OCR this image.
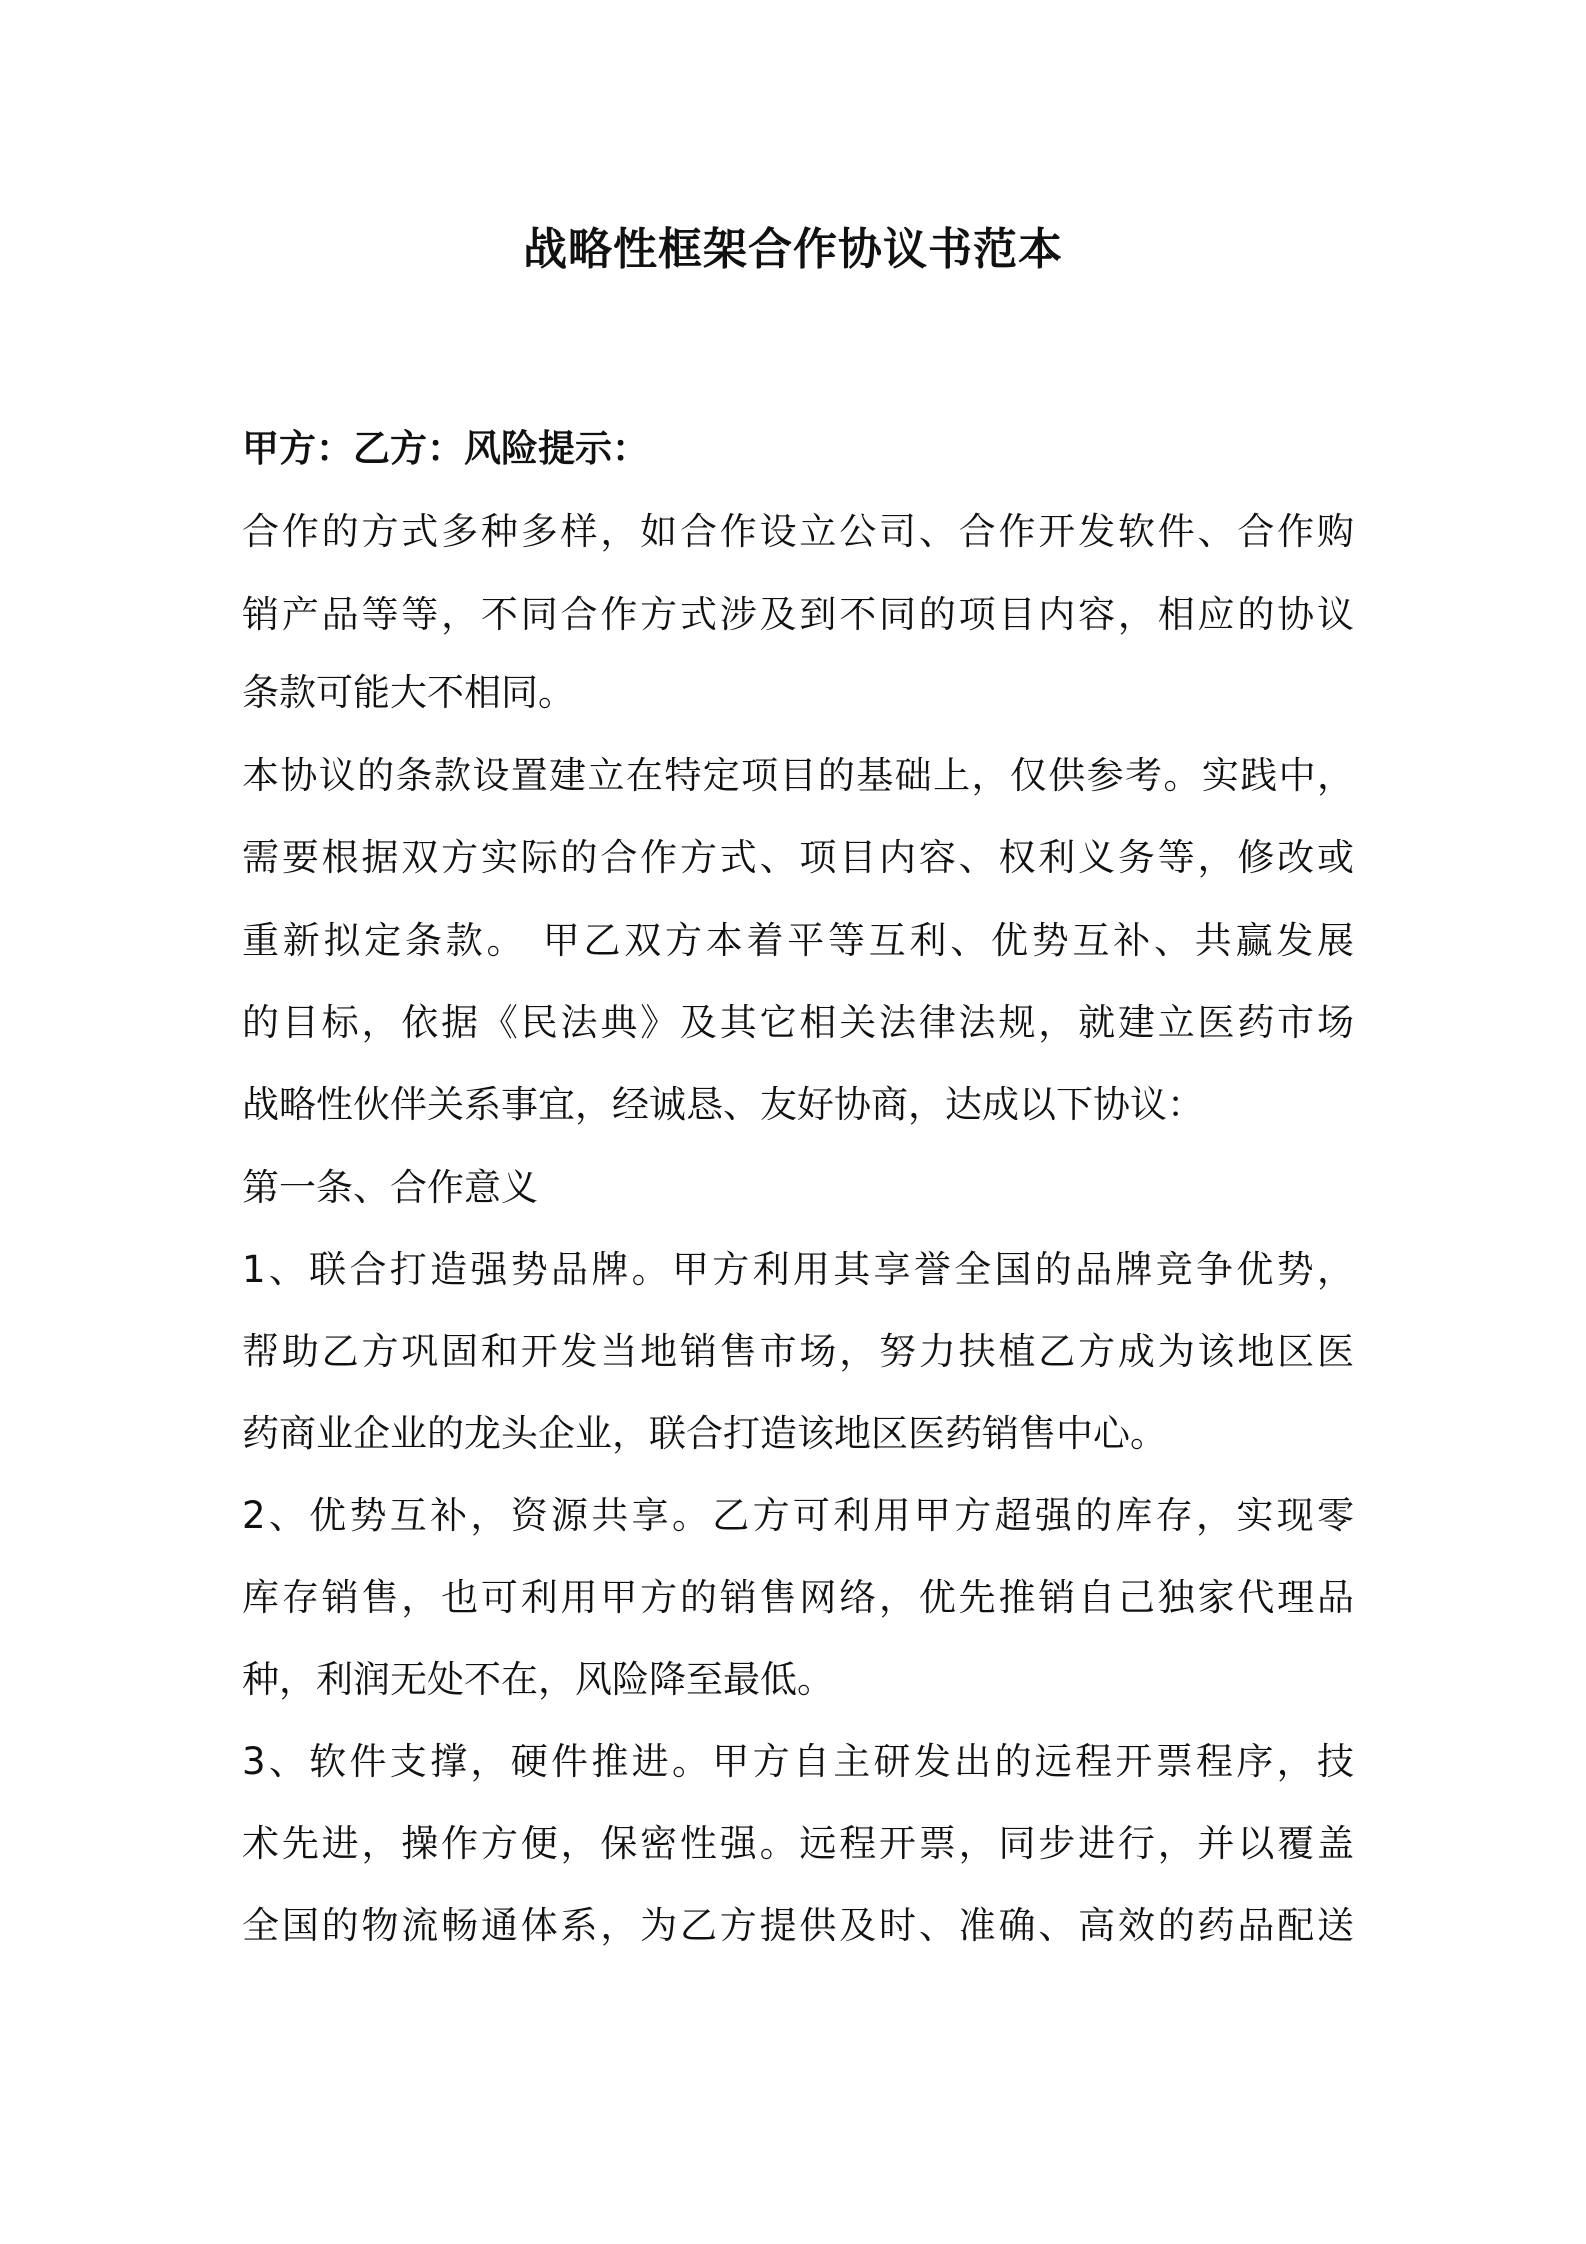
战略性框架合作协议书范本
甲方：乙方：风险提示：
合作的方式多种多样，如合作设立公司、合作开发软件、合作购
销产品等等，不同合作方式涉及到不同的项目内容，相应的协议
条款可能大不相同。
本协议的条款设置建立在特定项目的基础上，仅供参考。实践中，
需要根据双方实际的合作方式、项目内容、权利义务等，修改或
重新拟定条款。 甲乙双方本着平等互利、优势互补、共赢发展
的目标，依据《民法典》及其它相关法律法规，就建立医药市场
战略性伙伴关系事宜，经诚恳、友好协商，达成以下协议：
第一条、合作意义
1、联合打造强势品牌。甲方利用其享誉全国的品牌竞争优势，
帮助乙方巩固和开发当地销售市场，努力扶植乙方成为该地区医
药商业企业的龙头企业，联合打造该地区医药销售中心。
2、优势互补，资源共享。乙方可利用甲方超强的库存，实现零
库存销售，也可利用甲方的销售网络，优先推销自己独家代理品
种，利润无处不在，风险降至最低。
3、软件支撑，硬件推进。甲方自主研发出的远程开票程序，技
术先进，操作方便，保密性强。远程开票，同步进行，并以覆盖
全国的物流畅通体系，为乙方提供及时、准确、高效的药品配送
